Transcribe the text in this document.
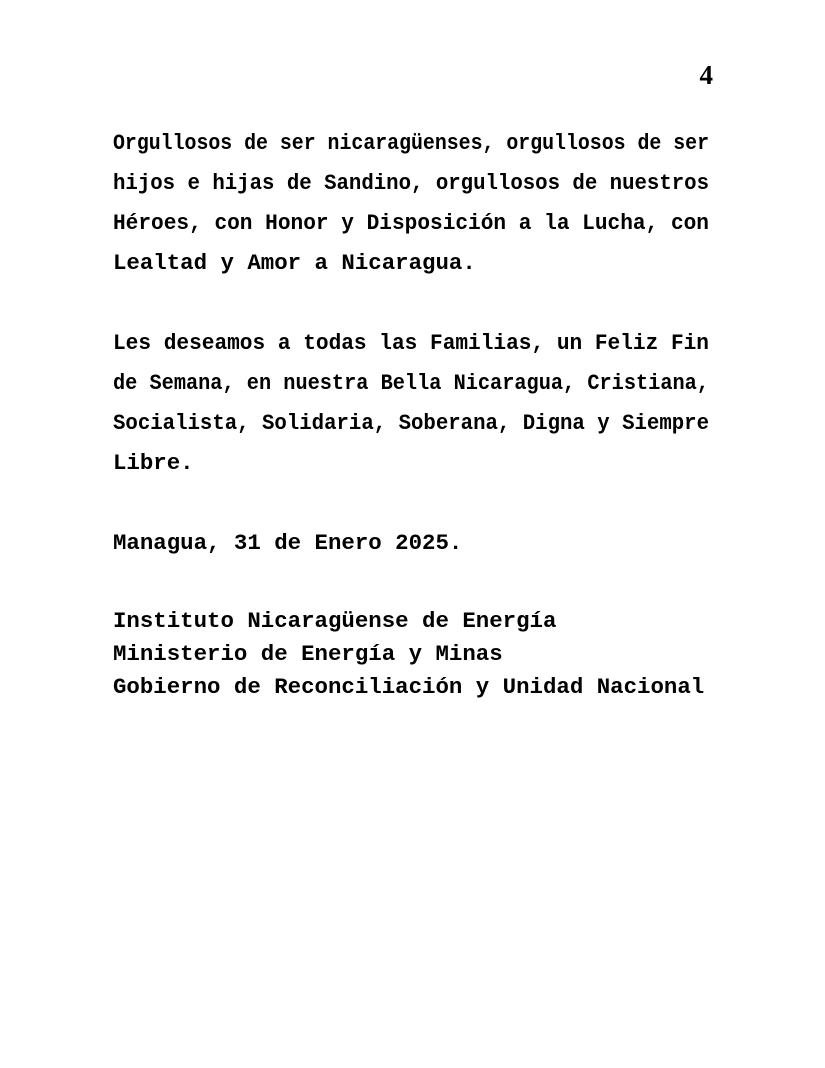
4
Orgullosos de ser nicaragüenses, orgullosos de ser
hijos e hijas de Sandino, orgullosos de nuestros
Héroes, con Honor y Disposición a la Lucha, con
Lealtad y Amor a Nicaragua.
Les deseamos a todas las Familias, un Feliz Fin
de Semana, en nuestra Bella Nicaragua, Cristiana,
Socialista, Solidaria, Soberana, Digna y Siempre
Libre.
Managua, 31 de Enero 2025.
Instituto Nicaragüense de Energía
Ministerio de Energía y Minas
Gobierno de Reconciliación y Unidad Nacional
